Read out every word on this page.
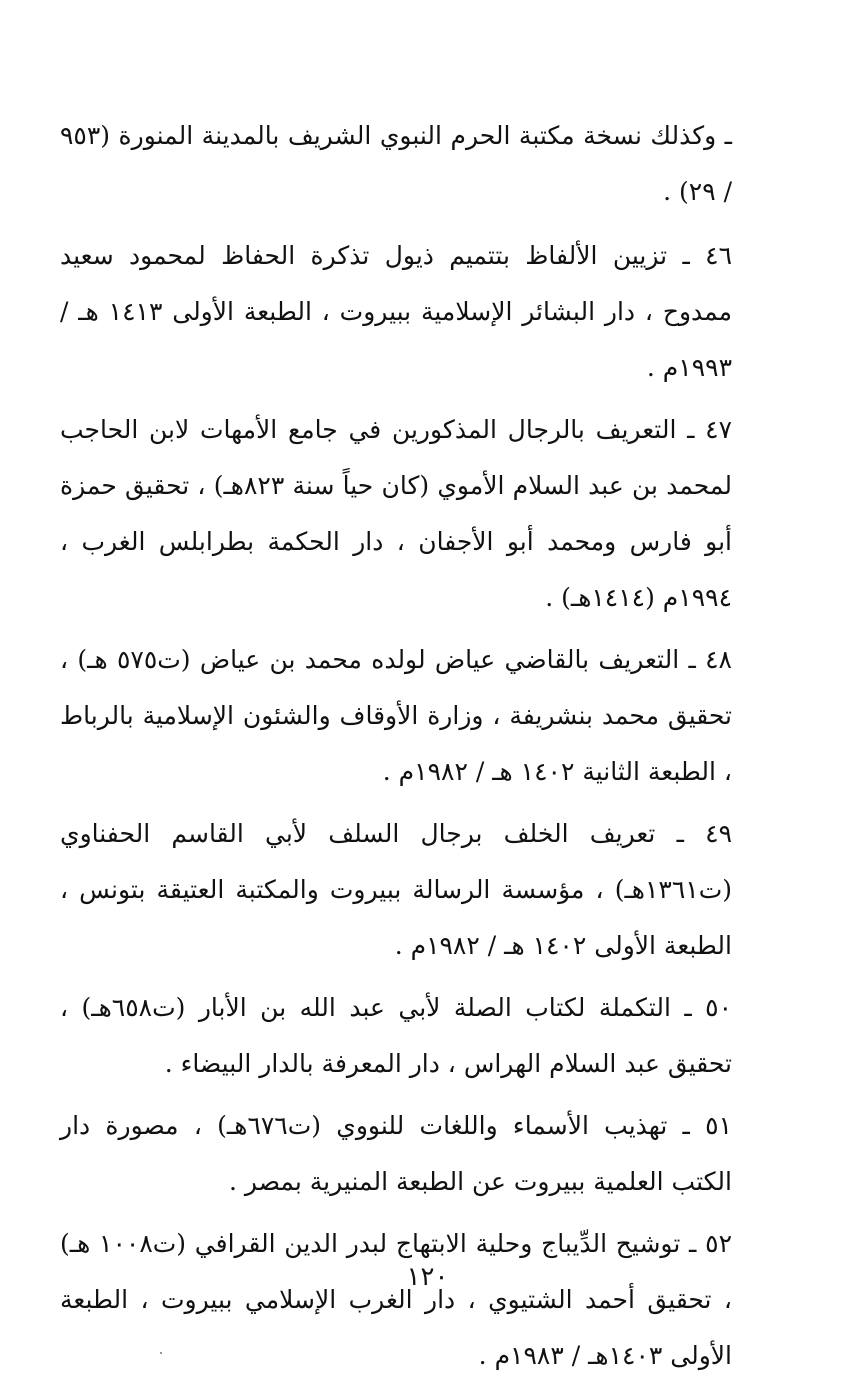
ـ وكذلك نسخة مكتبة الحرم النبوي الشريف بالمدينة المنورة (٩٥٣ / ٢٩) .

٤٦ ـ تزيين الألفاظ بتتميم ذيول تذكرة الحفاظ لمحمود سعيد ممدوح ، دار البشائر الإسلامية ببيروت ، الطبعة الأولى ١٤١٣ هـ / ١٩٩٣م .

٤٧ ـ التعريف بالرجال المذكورين في جامع الأمهات لابن الحاجب لمحمد بن عبد السلام الأموي (كان حياً سنة ٨٢٣هـ) ، تحقيق حمزة أبو فارس ومحمد أبو الأجفان ، دار الحكمة بطرابلس الغرب ، ١٩٩٤م (١٤١٤هـ) .

٤٨ ـ التعريف بالقاضي عياض لولده محمد بن عياض (ت٥٧٥ هـ) ، تحقيق محمد بنشريفة ، وزارة الأوقاف والشئون الإسلامية بالرباط ، الطبعة الثانية ١٤٠٢ هـ / ١٩٨٢م .

٤٩ ـ تعريف الخلف برجال السلف لأبي القاسم الحفناوي (ت١٣٦١هـ) ، مؤسسة الرسالة ببيروت والمكتبة العتيقة بتونس ، الطبعة الأولى ١٤٠٢ هـ / ١٩٨٢م .

٥٠ ـ التكملة لكتاب الصلة لأبي عبد الله بن الأبار (ت٦٥٨هـ) ، تحقيق عبد السلام الهراس ، دار المعرفة بالدار البيضاء .

٥١ ـ تهذيب الأسماء واللغات للنووي (ت٦٧٦هـ) ، مصورة دار الكتب العلمية ببيروت عن الطبعة المنيرية بمصر .

٥٢ ـ توشيح الدِّيباج وحلية الابتهاج لبدر الدين القرافي (ت١٠٠٨ هـ) ، تحقيق أحمد الشتيوي ، دار الغرب الإسلامي ببيروت ، الطبعة الأولى ١٤٠٣هـ / ١٩٨٣م .

١٢٠
